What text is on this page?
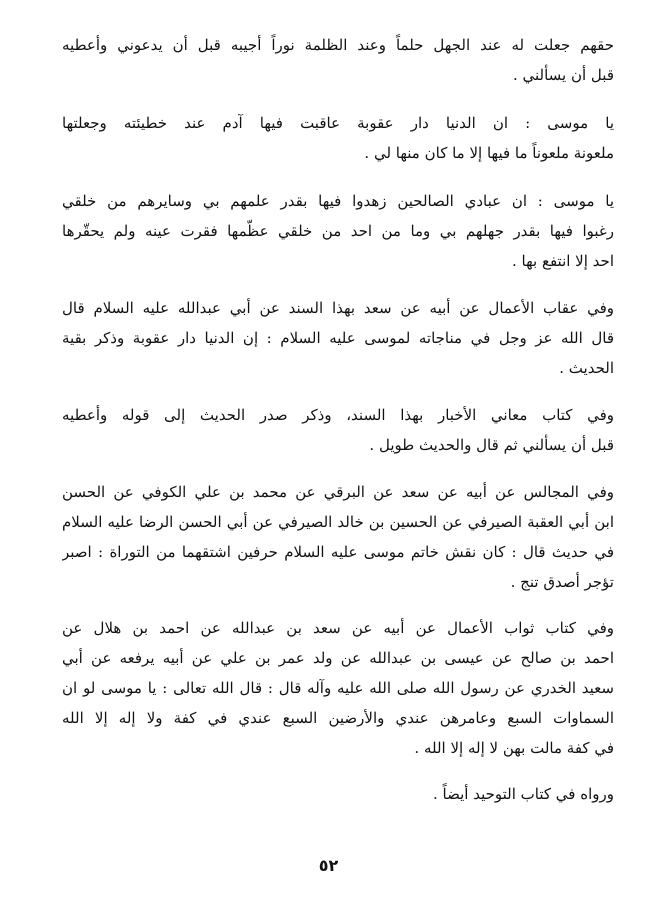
حقهم جعلت له عند الجهل حلماً وعند الظلمة نوراً أجيبه قبل أن يدعوني وأعطيه
قبل أن يسألني .
يا موسى : ان الدنيا دار عقوبة عاقبت فيها آدم عند خطيئته وجعلتها
ملعونة ملعوناً ما فيها إلا ما كان منها لي .
يا موسى : ان عبادي الصالحين زهدوا فيها بقدر علمهم بي وسايرهم من خلقي
رغبوا فيها بقدر جهلهم بي وما من احد من خلقي عظّمها فقرت عينه ولم يحقّرها
احد إلا انتفع بها .
وفي عقاب الأعمال عن أبيه عن سعد بهذا السند عن أبي عبدالله عليه السلام قال
قال الله عز وجل في مناجاته لموسى عليه السلام : إن الدنيا دار عقوبة وذكر بقية
الحديث .
وفي كتاب معاني الأخبار بهذا السند، وذكر صدر الحديث إلى قوله وأعطيه
قبل أن يسألني ثم قال والحديث طويل .
وفي المجالس عن أبيه عن سعد عن البرقي عن محمد بن علي الكوفي عن الحسن
ابن أبي العقبة الصيرفي عن الحسين بن خالد الصيرفي عن أبي الحسن الرضا عليه السلام
في حديث قال : كان نقش خاتم موسى عليه السلام حرفين اشتقهما من التوراة : اصبر
تؤجر أصدق تنج .
وفي كتاب ثواب الأعمال عن أبيه عن سعد بن عبدالله عن احمد بن هلال عن
احمد بن صالح عن عيسى بن عبدالله عن ولد عمر بن علي عن أبيه يرفعه عن أبي
سعيد الخدري عن رسول الله صلى الله عليه وآله قال : قال الله تعالى : يا موسى لو ان
السماوات السبع وعامرهن عندي والأرضين السبع عندي في كفة ولا إله إلا الله
في كفة مالت بهن لا إله إلا الله .
ورواه في كتاب التوحيد أيضاً .
٥٢
